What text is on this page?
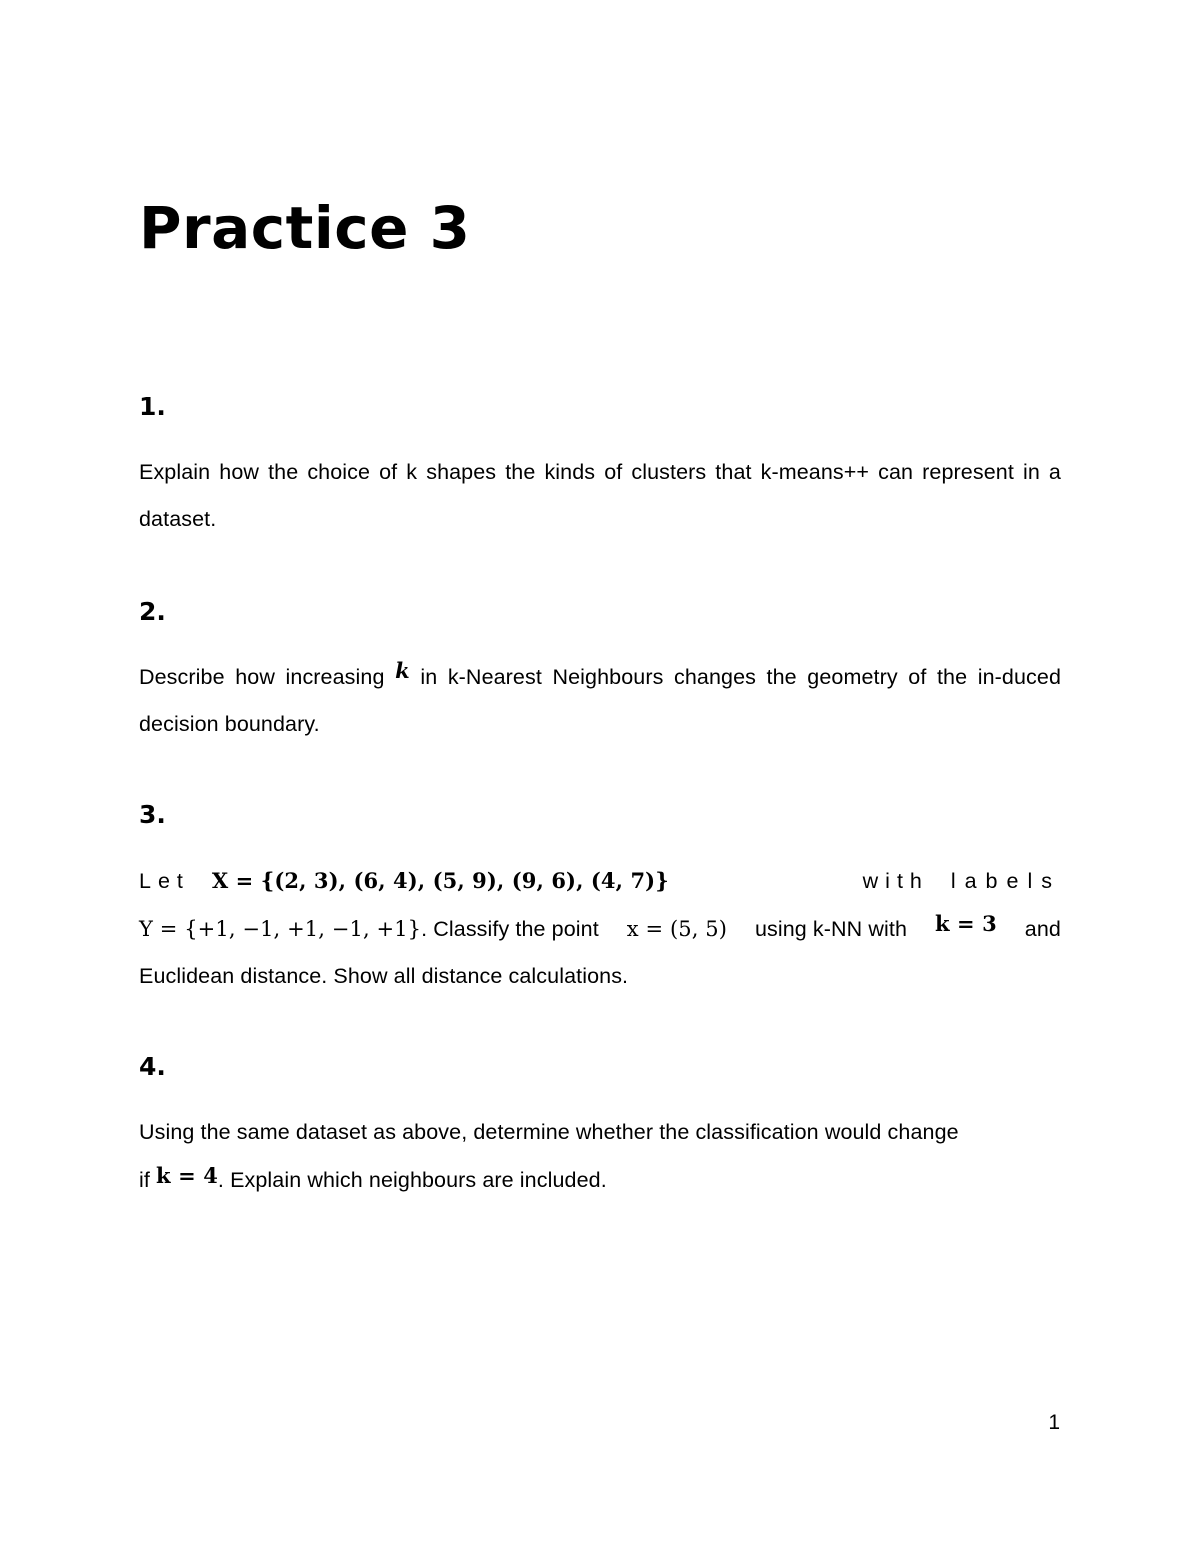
Practice 3
1.

Explain how the choice of k shapes the kinds of clusters that k-means++ can represent in a dataset.

2.

Describe how increasing k in k-Nearest Neighbours changes the geometry of the in-duced decision boundary.

3.
Let X = {(2, 3), (6, 4), (5, 9), (9, 6), (4, 7)}	with labels
Y = {+1, −1, +1, −1, +1}. Classify the point x = (5, 5) using k-NN with k = 3 and
Euclidean distance. Show all distance calculations.
4.
Using the same dataset as above, determine whether the classification would change
if k = 4. Explain which neighbours are included.

1
